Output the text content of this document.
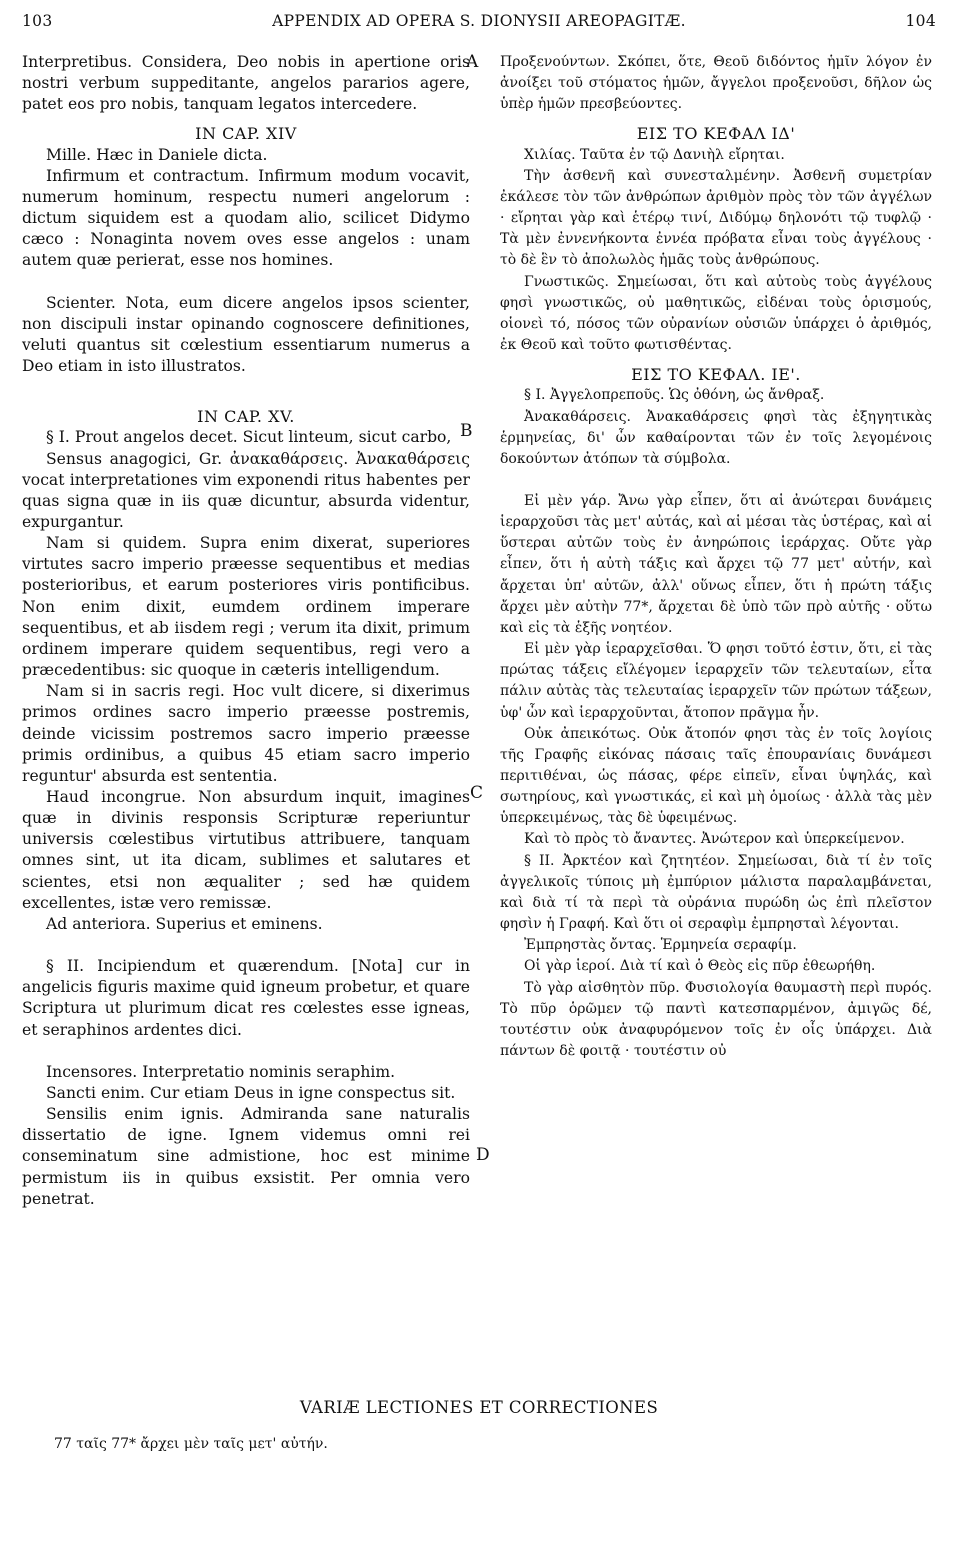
103	APPENDIX AD OPERA S. DIONYSII AREOPAGITÆ.	104
A
B
C
D

Interpretibus. Considera, Deo nobis in apertione oris nostri verbum suppeditante, angelos pararios agere, patet eos pro nobis, tanquam legatos intercedere.

IN CAP. XIV

Mille. Hæc in Daniele dicta.

Infirmum et contractum. Infirmum modum vocavit, numerum hominum, respectu numeri angelorum : dictum siquidem est a quodam alio, scilicet Didymo cæco : Nonaginta novem oves esse angelos : unam autem quæ perierat, esse nos homines.

Scienter. Nota, eum dicere angelos ipsos scienter, non discipuli instar opinando cognoscere definitiones, veluti quantus sit cœlestium essentiarum numerus a Deo etiam in isto illustratos.

IN CAP. XV.

§ I. Prout angelos decet. Sicut linteum, sicut carbo,

Sensus anagogici, Gr. ἀνακαθάρσεις. Ἀνακαθάρσεις vocat interpretationes vim exponendi ritus habentes per quas signa quæ in iis quæ dicuntur, absurda videntur, expurgantur.

Nam si quidem. Supra enim dixerat, superiores virtutes sacro imperio præesse sequentibus et medias posterioribus, et earum posteriores viris pontificibus. Non enim dixit, eumdem ordinem imperare sequentibus, et ab iisdem regi ; verum ita dixit, primum ordinem imperare quidem sequentibus, regi vero a præcedentibus: sic quoque in cæteris intelligendum.

Nam si in sacris regi. Hoc vult dicere, si dixerimus primos ordines sacro imperio præesse postremis, deinde vicissim postremos sacro imperio præesse primis ordinibus, a quibus 45 etiam sacro imperio reguntur' absurda est sententia.

Haud incongrue. Non absurdum inquit, imagines quæ in divinis responsis Scripturæ reperiuntur universis cœlestibus virtutibus attribuere, tanquam omnes sint, ut ita dicam, sublimes et salutares et scientes, etsi non æqualiter ; sed hæ quidem excellentes, istæ vero remissæ.

Ad anteriora. Superius et eminens.

§ II. Incipiendum et quærendum. [Nota] cur in angelicis figuris maxime quid igneum probetur, et quare Scriptura ut plurimum dicat res cœlestes esse igneas, et seraphinos ardentes dici.

Incensores. Interpretatio nominis seraphim.

Sancti enim. Cur etiam Deus in igne conspectus sit.

Sensilis enim ignis. Admiranda sane naturalis dissertatio de igne. Ignem videmus omni rei conseminatum sine admistione, hoc est minime permistum iis in quibus exsistit. Per omnia vero penetrat.

Προξενούντων. Σκόπει, ὅτε, Θεοῦ διδόντος ἡμῖν λόγον ἐν ἀνοίξει τοῦ στόματος ἡμῶν, ἄγγελοι προξενοῦσι, δῆλον ὡς ὑπὲρ ἡμῶν πρεσβεύοντες.

ΕΙΣ ΤΟ ΚΕΦΑΛ ΙΔ'

Χιλίας. Ταῦτα ἐν τῷ Δανιὴλ εἴρηται.

Τὴν ἀσθενῆ καὶ συνεσταλμένην. Ἀσθενῆ συμετρίαν ἐκάλεσε τὸν τῶν ἀνθρώπων ἀριθμὸν πρὸς τὸν τῶν ἀγγέλων · εἴρηται γὰρ καὶ ἑτέρῳ τινί, Διδύμῳ δηλονότι τῷ τυφλῷ · Τὰ μὲν ἐννενήκοντα ἐννέα πρόβατα εἶναι τοὺς ἀγγέλους · τὸ δὲ ἓν τὸ ἀπολωλὸς ἡμᾶς τοὺς ἀνθρώπους.

Γνωστικῶς. Σημείωσαι, ὅτι καὶ αὐτοὺς τοὺς ἀγγέλους φησὶ γνωστικῶς, οὐ μαθητικῶς, εἰδέναι τοὺς ὁρισμούς, οἱονεὶ τό, πόσος τῶν οὐρανίων οὐσιῶν ὑπάρχει ὁ ἀριθμός, ἐκ Θεοῦ καὶ τοῦτο φωτισθέντας.

ΕΙΣ ΤΟ ΚΕΦΑΛ. ΙΕ'.

§ I. Ἀγγελοπρεποῦς. Ὡς ὀθόνη, ὡς ἄνθραξ.

Ἀνακαθάρσεις. Ἀνακαθάρσεις φησὶ τὰς ἐξηγητικὰς ἑρμηνείας, δι' ὧν καθαίρονται τῶν ἐν τοῖς λεγομένοις δοκούντων ἀτόπων τὰ σύμβολα.

Εἰ μὲν γάρ. Ἄνω γὰρ εἶπεν, ὅτι αἱ ἀνώτεραι δυνάμεις ἱεραρχοῦσι τὰς μετ' αὐτάς, καὶ αἱ μέσαι τὰς ὑστέρας, καὶ αἱ ὕστεραι αὐτῶν τοὺς ἐν ἀνηρώποις ἱεράρχας. Οὔτε γὰρ εἶπεν, ὅτι ἡ αὐτὴ τάξις καὶ ἄρχει τῷ 77 μετ' αὐτήν, καὶ ἄρχεται ὑπ' αὐτῶν, ἀλλ' οὕνως εἶπεν, ὅτι ἡ πρώτη τάξις ἄρχει μὲν αὐτὴν 77*, ἄρχεται δὲ ὑπὸ τῶν πρὸ αὐτῆς · οὕτω καὶ εἰς τὰ ἑξῆς νοητέον.

Εἰ μὲν γὰρ ἱεραρχεῖσθαι. Ὅ φησι τοῦτό ἐστιν, ὅτι, εἰ τὰς πρώτας τάξεις εἴλέγομεν ἱεραρχεῖν τῶν τελευταίων, εἶτα πάλιν αὐτὰς τὰς τελευταίας ἱεραρχεῖν τῶν πρώτων τάξεων, ὑφ' ὧν καὶ ἱεραρχοῦνται, ἄτοπον πρᾶγμα ἦν.

Οὐκ ἀπεικότως. Οὐκ ἄτοπόν φησι τὰς ἐν τοῖς λογίοις τῆς Γραφῆς εἰκόνας πάσαις ταῖς ἐπουρανίαις δυνάμεσι περιτιθέναι, ὡς πάσας, φέρε εἰπεῖν, εἶναι ὑψηλάς, καὶ σωτηρίους, καὶ γνωστικάς, εἰ καὶ μὴ ὁμοίως · ἀλλὰ τὰς μὲν ὑπερκειμένως, τὰς δὲ ὑφειμένως.

Καὶ τὸ πρὸς τὸ ἄναντες. Ἀνώτερον καὶ ὑπερκείμενον.

§ II. Ἀρκτέον καὶ ζητητέον. Σημείωσαι, διὰ τί ἐν τοῖς ἀγγελικοῖς τύποις μὴ ἐμπύριον μάλιστα παραλαμβάνεται, καὶ διὰ τί τὰ περὶ τὰ οὐράνια πυρώδη ὡς ἐπὶ πλεῖστον φησὶν ἡ Γραφή. Καὶ ὅτι οἱ σεραφὶμ ἐμπρησταὶ λέγονται.

Ἐμπρηστὰς ὄντας. Ἑρμηνεία σεραφίμ.

Οἱ γὰρ ἱεροί. Διὰ τί καὶ ὁ Θεὸς εἰς πῦρ ἐθεωρήθη.

Τὸ γὰρ αἰσθητὸν πῦρ. Φυσιολογία θαυμαστὴ περὶ πυρός. Τὸ πῦρ ὁρῶμεν τῷ παντὶ κατεσπαρμένον, ἀμιγῶς δέ, τουτέστιν οὐκ ἀναφυρόμενον τοῖς ἐν οἷς ὑπάρχει. Διὰ πάντων δὲ φοιτᾷ · τουτέστιν οὐ

VARIÆ LECTIONES ET CORRECTIONES
77 ταῖς 77* ἄρχει μὲν ταῖς μετ' αὐτήν.
